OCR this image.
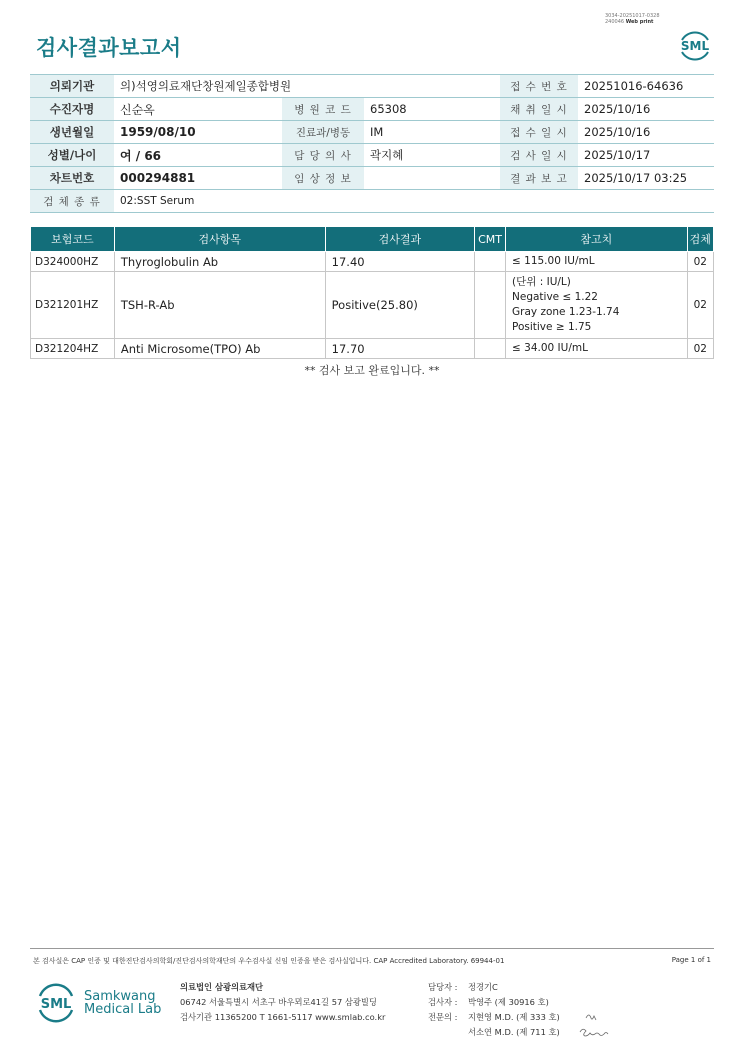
3034-20251017-0328
240046 Web print
검사결과보고서	SML
의뢰기관	의)석영의료재단창원제일종합병원			접 수 번 호	20251016-64636
수진자명	신순옥	병 원 코 드	65308	채 취 일 시	2025/10/16
생년월일	1959/08/10	진료과/병동	IM	접 수 일 시	2025/10/16
성별/나이	여 / 66	담 당 의 사	곽지혜	검 사 일 시	2025/10/17
차트번호	000294881	임 상 정 보		결 과 보 고	2025/10/17 03:25
검 체 종 류	02:SST Serum				
보험코드	검사항목	검사결과	CMT	참고치	검체
D324000HZ	Thyroglobulin Ab	17.40		≤ 115.00 IU/mL	02
D321201HZ	TSH-R-Ab	Positive(25.80)		(단위 : IU/L)
Negative ≤ 1.22
Gray zone 1.23-1.74
Positive ≥ 1.75	02
D321204HZ	Anti Microsome(TPO) Ab	17.70		≤ 34.00 IU/mL	02
** 검사 보고 완료입니다. **
본 검사실은 CAP 인증 및 대한진단검사의학회/진단검사의학재단의 우수검사실 신임 인증을 받은 검사실입니다. CAP Accredited Laboratory. 69944-01	Page 1 of 1
SML
Samkwang
Medical Lab
의료법인 삼광의료재단
06742 서울특별시 서초구 바우뫼로41길 57 삼광빌딩
검사기관 11365200 T 1661-5117 www.smlab.co.kr
담당자 : 정경기C
검사자 : 박영주 (제 30916 호)
전문의 : 지현영 M.D. (제 333 호)
서소연 M.D. (제 711 호)
